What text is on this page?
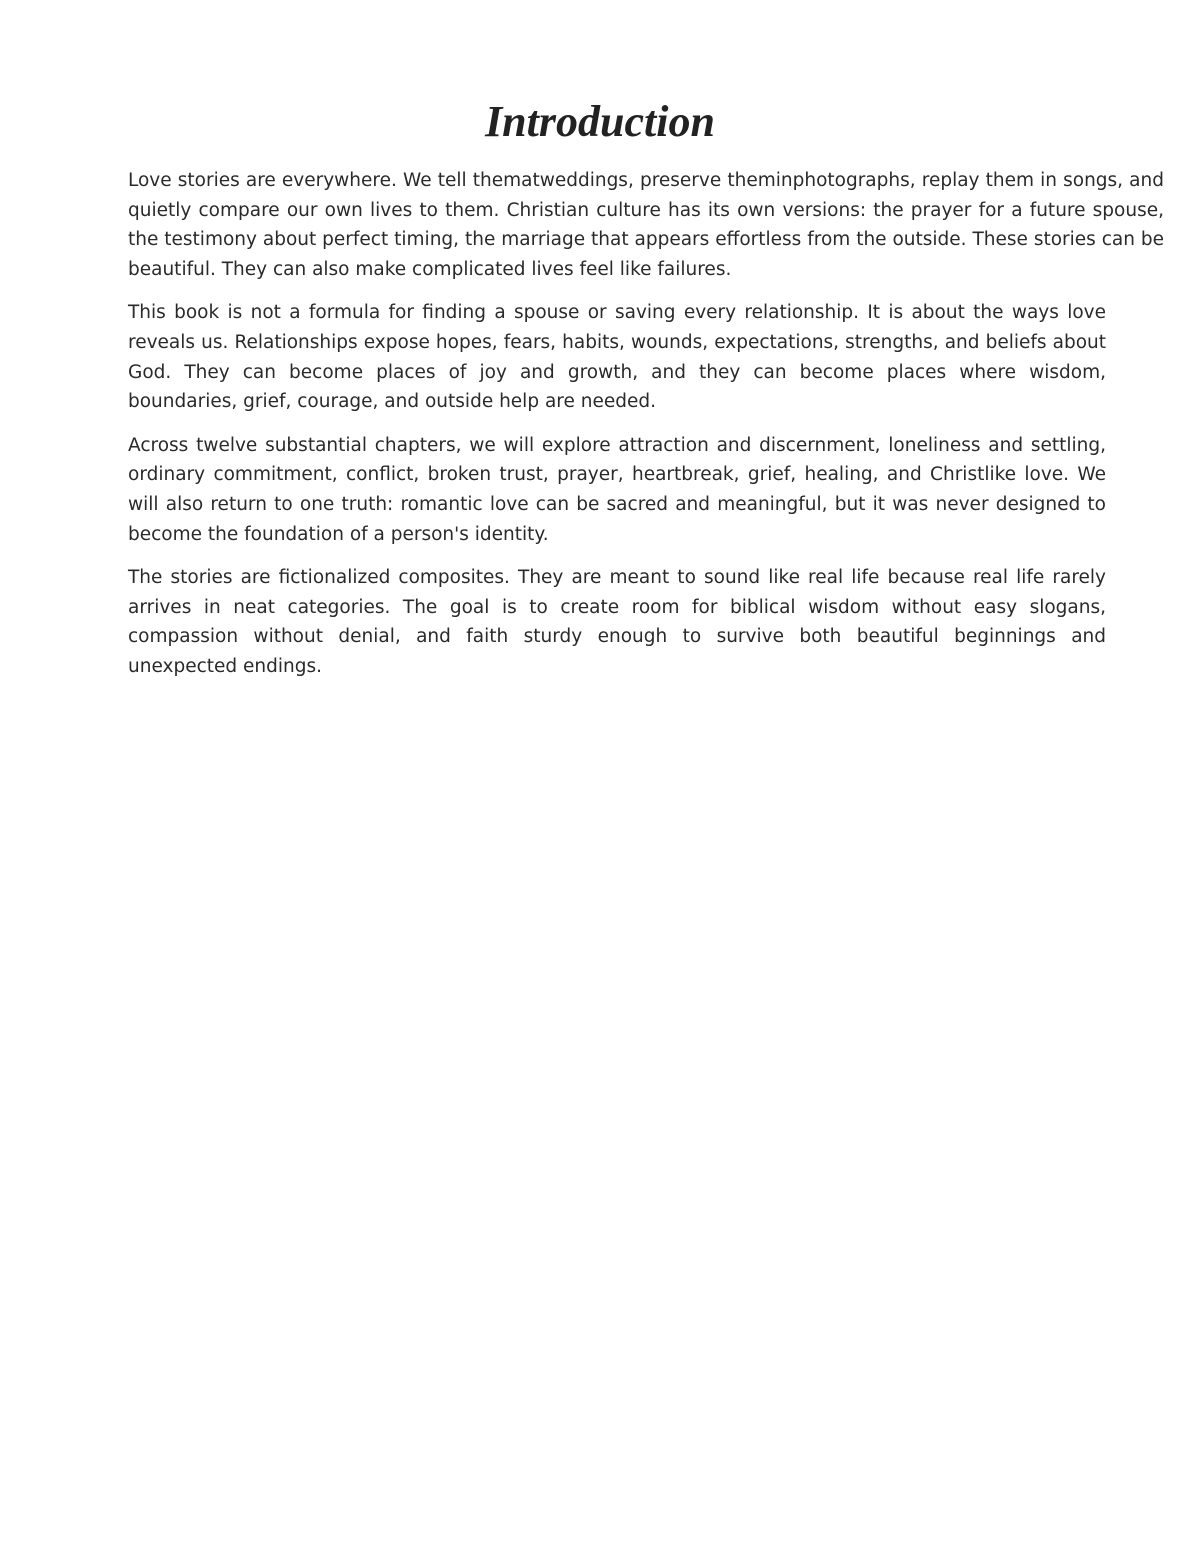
Introduction

Love stories are everywhere. We tell thematweddings, preserve theminphotographs, replay them in songs, and quietly compare our own lives to them. Christian culture has its own versions: the prayer for a future spouse, the testimony about perfect timing, the marriage that appears effortless from the outside. These stories can be beautiful. They can also make complicated lives feel like failures.

This book is not a formula for finding a spouse or saving every relationship. It is about the ways love reveals us. Relationships expose hopes, fears, habits, wounds, expectations, strengths, and beliefs about God. They can become places of joy and growth, and they can become places where wisdom, boundaries, grief, courage, and outside help are needed.

Across twelve substantial chapters, we will explore attraction and discernment, loneliness and settling, ordinary commitment, conflict, broken trust, prayer, heartbreak, grief, healing, and Christlike love. We will also return to one truth: romantic love can be sacred and meaningful, but it was never designed to become the foundation of a person's identity.

The stories are fictionalized composites. They are meant to sound like real life because real life rarely arrives in neat categories. The goal is to create room for biblical wisdom without easy slogans, compassion without denial, and faith sturdy enough to survive both beautiful beginnings and unexpected endings.
